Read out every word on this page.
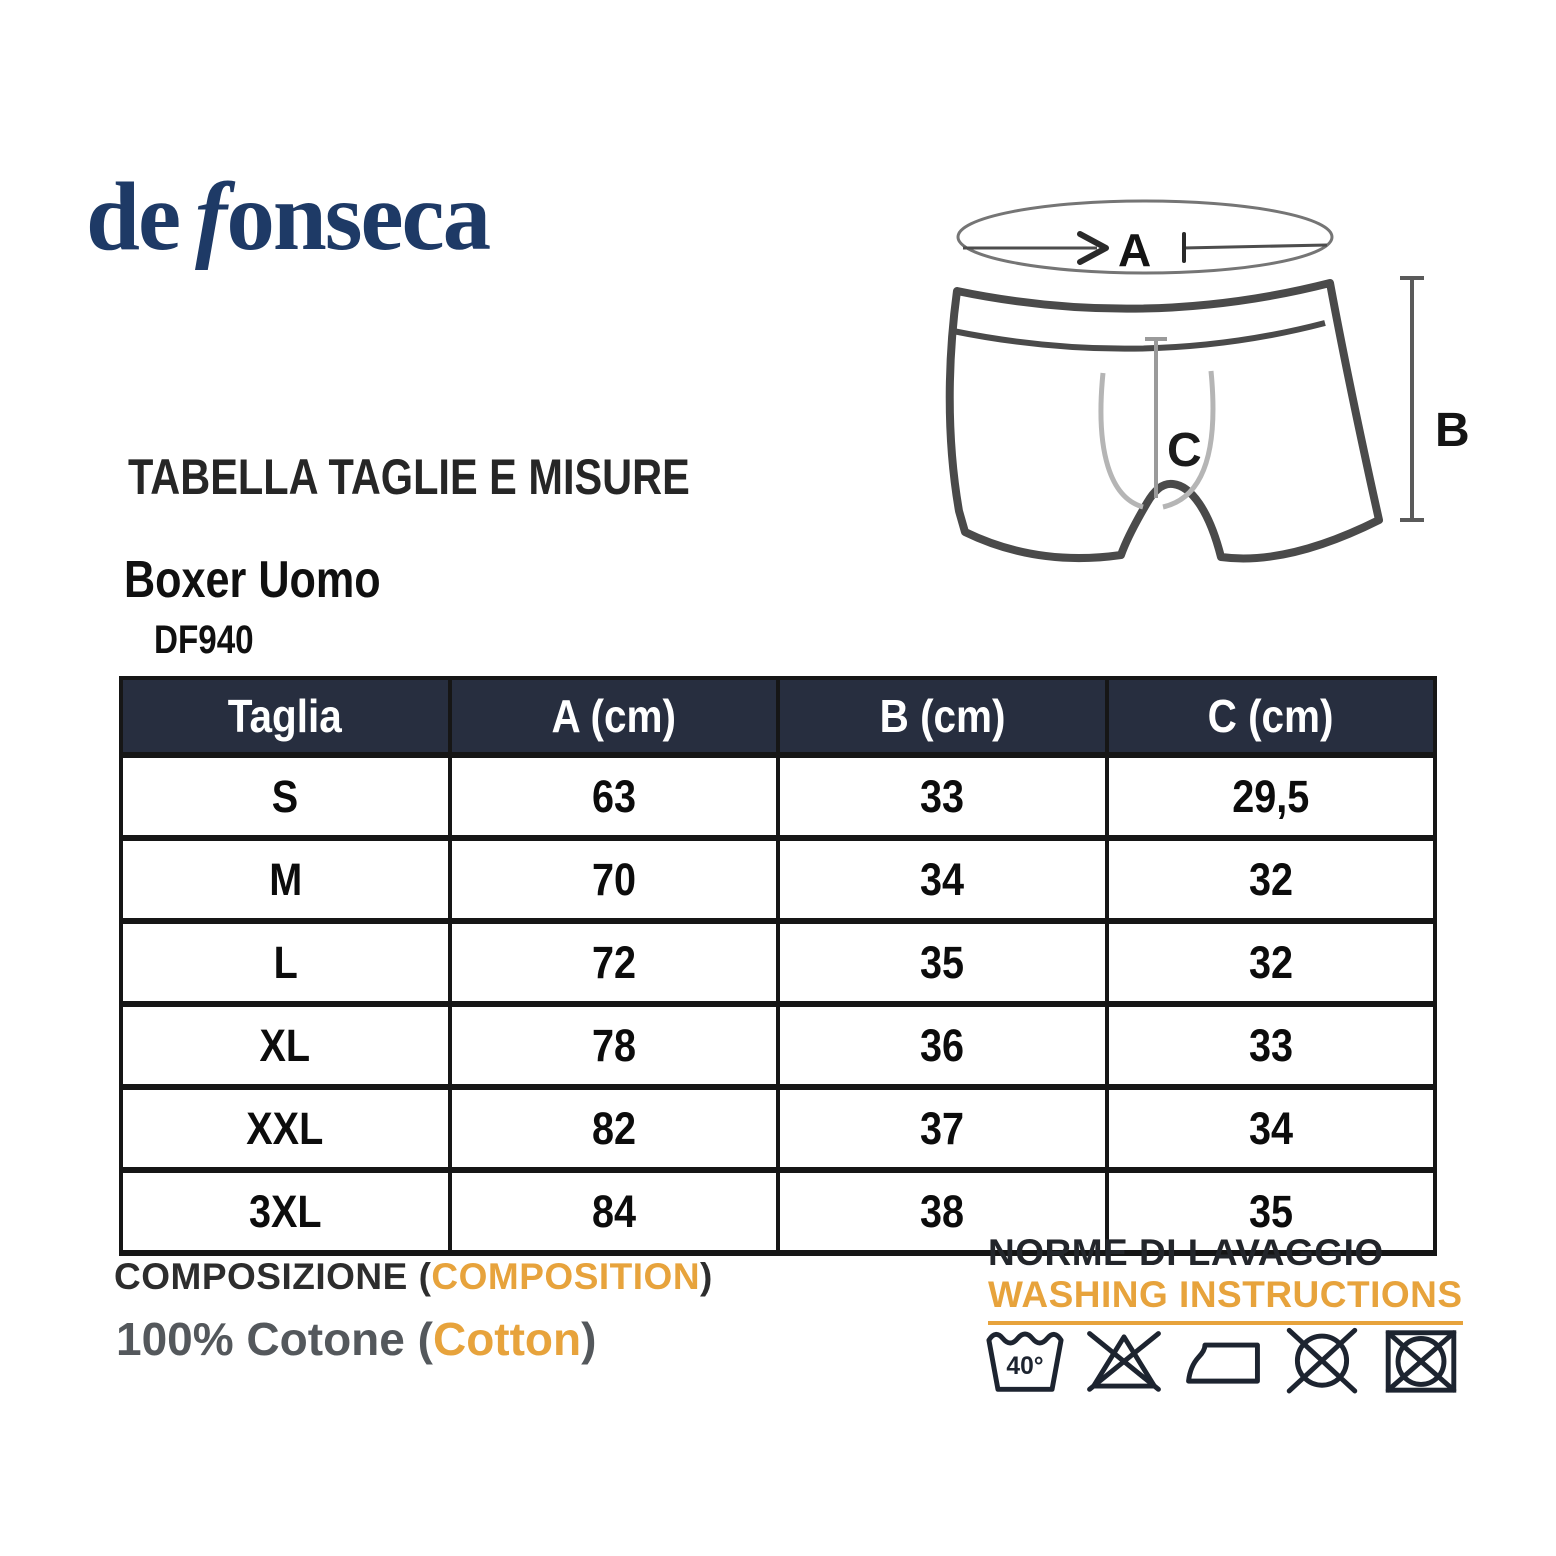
de fonseca	A
C	B
TABELLA TAGLIE E MISURE
Boxer Uomo
DF940
Taglia	A (cm)	B (cm)	C (cm)
S	63	33	29,5
M	70	34	32
L	72	35	32
XL	78	36	33
XXL	82	37	34
3XL	84	38	35
COMPOSIZIONE (COMPOSITION)
100% Cotone (Cotton)
NORME DI LAVAGGIO
WASHING INSTRUCTIONS
40°
